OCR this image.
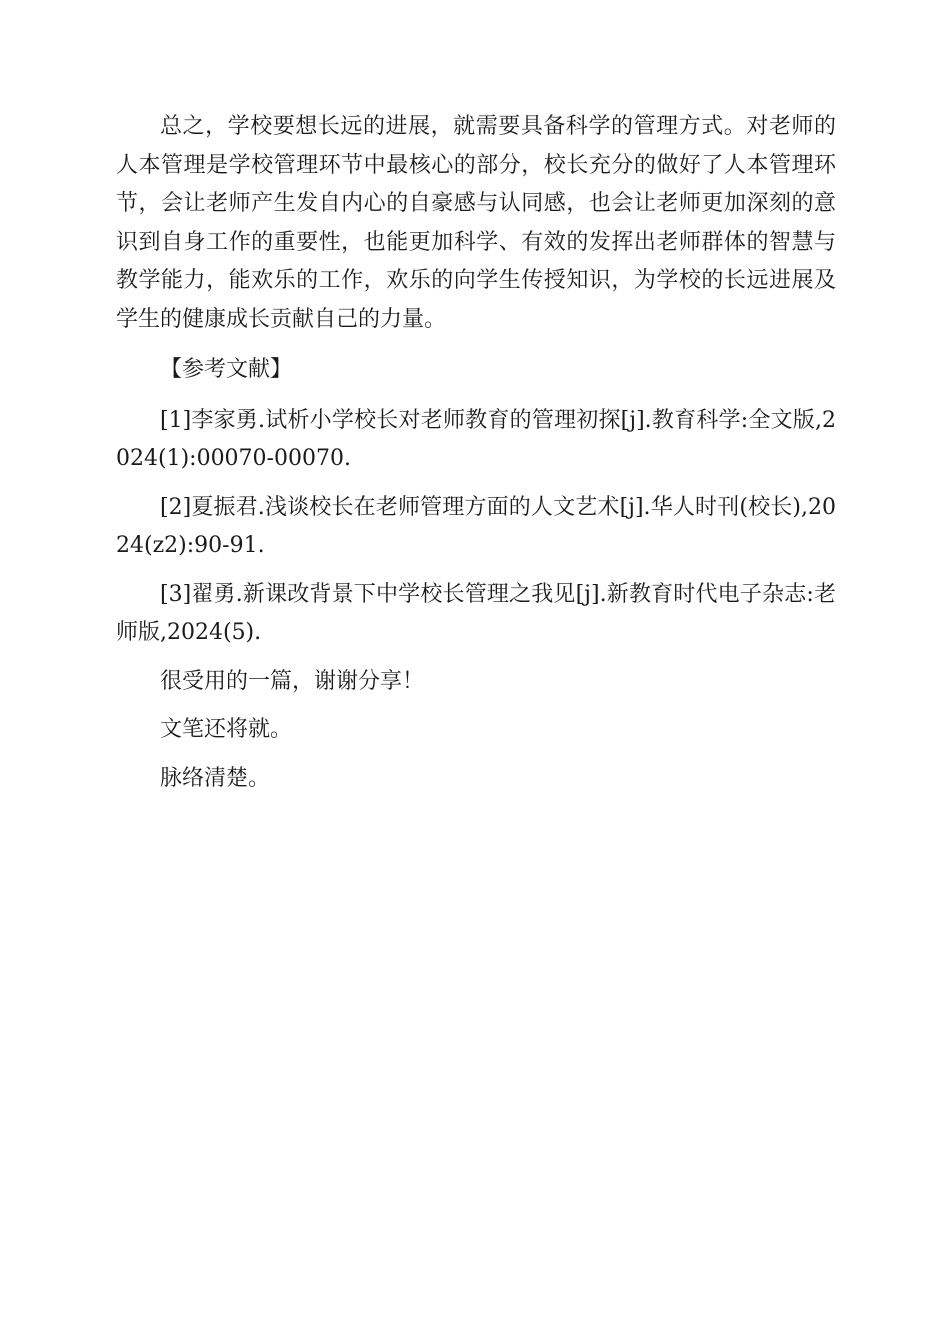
总之，学校要想长远的进展，就需要具备科学的管理方式。对老师的人本管理是学校管理环节中最核心的部分，校长充分的做好了人本管理环节，会让老师产生发自内心的自豪感与认同感，也会让老师更加深刻的意识到自身工作的重要性，也能更加科学、有效的发挥出老师群体的智慧与教学能力，能欢乐的工作，欢乐的向学生传授知识，为学校的长远进展及学生的健康成长贡献自己的力量。

【参考文献】

[1]李家勇.试析小学校长对老师教育的管理初探[j].教育科学:全文版,2024(1):00070-00070.

[2]夏振君.浅谈校长在老师管理方面的人文艺术[j].华人时刊(校长),2024(z2):90-91.

[3]翟勇.新课改背景下中学校长管理之我见[j].新教育时代电子杂志:老师版,2024(5).

很受用的一篇，谢谢分享！

文笔还将就。

脉络清楚。
